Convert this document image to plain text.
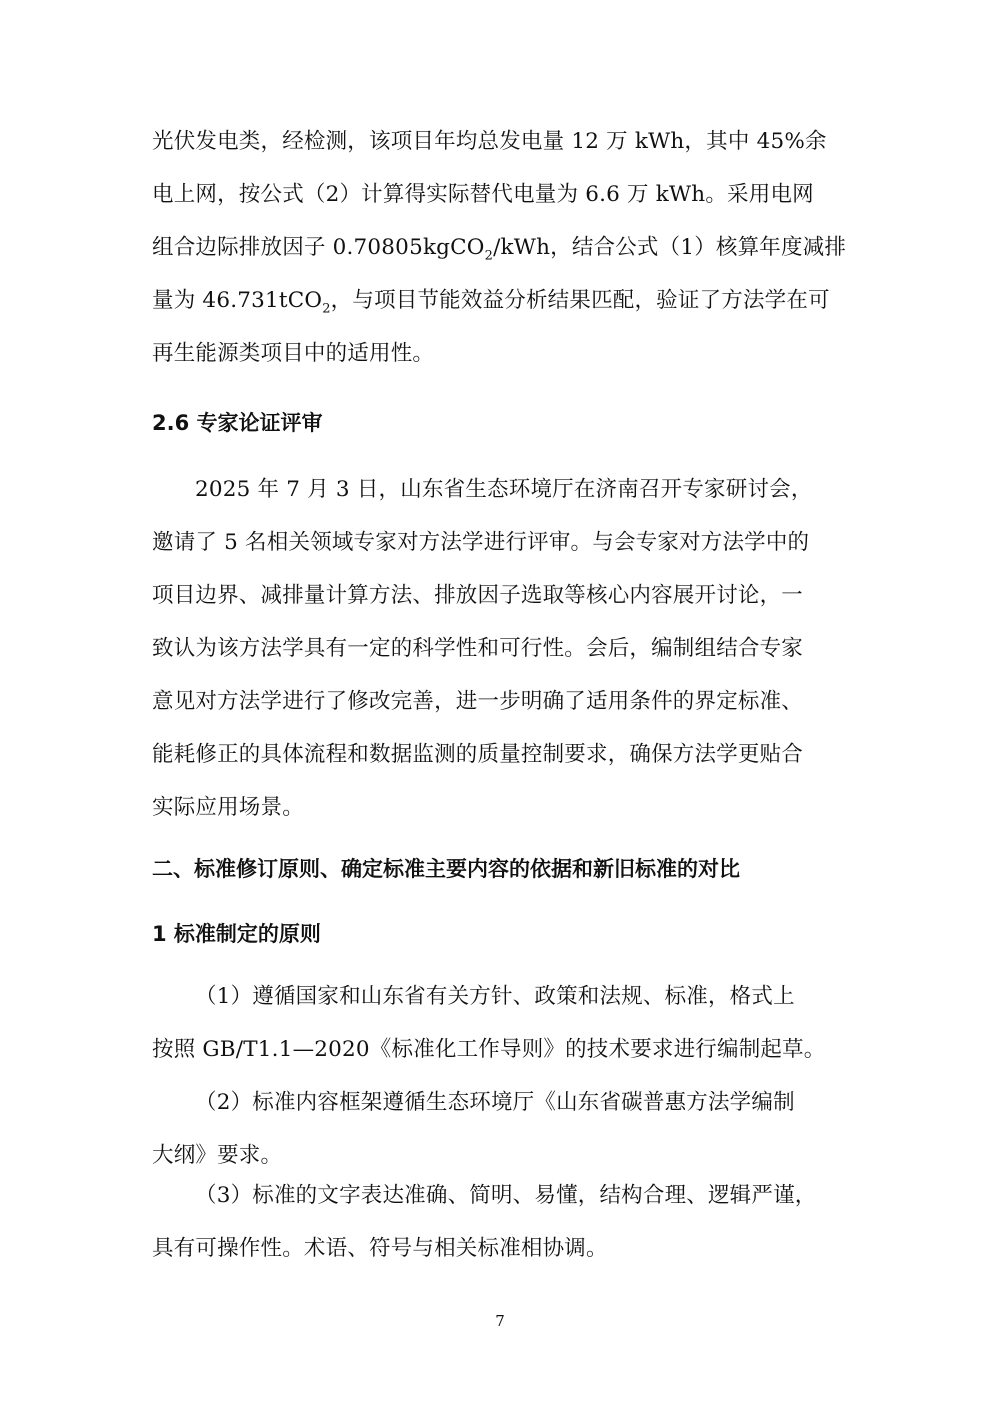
光伏发电类，经检测，该项目年均总发电量 12 万 kWh，其中 45%余
电上网，按公式（2）计算得实际替代电量为 6.6 万 kWh。采用电网
组合边际排放因子 0.70805kgCO$_2$/kWh，结合公式（1）核算年度减排
量为 46.731tCO$_2$，与项目节能效益分析结果匹配，验证了方法学在可
再生能源类项目中的适用性。
2.6 专家论证评审
2025 年 7 月 3 日，山东省生态环境厅在济南召开专家研讨会，
邀请了 5 名相关领域专家对方法学进行评审。与会专家对方法学中的
项目边界、减排量计算方法、排放因子选取等核心内容展开讨论，一
致认为该方法学具有一定的科学性和可行性。会后，编制组结合专家
意见对方法学进行了修改完善，进一步明确了适用条件的界定标准、
能耗修正的具体流程和数据监测的质量控制要求，确保方法学更贴合
实际应用场景。
二、标准修订原则、确定标准主要内容的依据和新旧标准的对比
1 标准制定的原则
（1）遵循国家和山东省有关方针、政策和法规、标准，格式上
按照 GB/T1.1—2020《标准化工作导则》的技术要求进行编制起草。
（2）标准内容框架遵循生态环境厅《山东省碳普惠方法学编制
大纲》要求。
（3）标准的文字表达准确、简明、易懂，结构合理、逻辑严谨，
具有可操作性。术语、符号与相关标准相协调。
7
